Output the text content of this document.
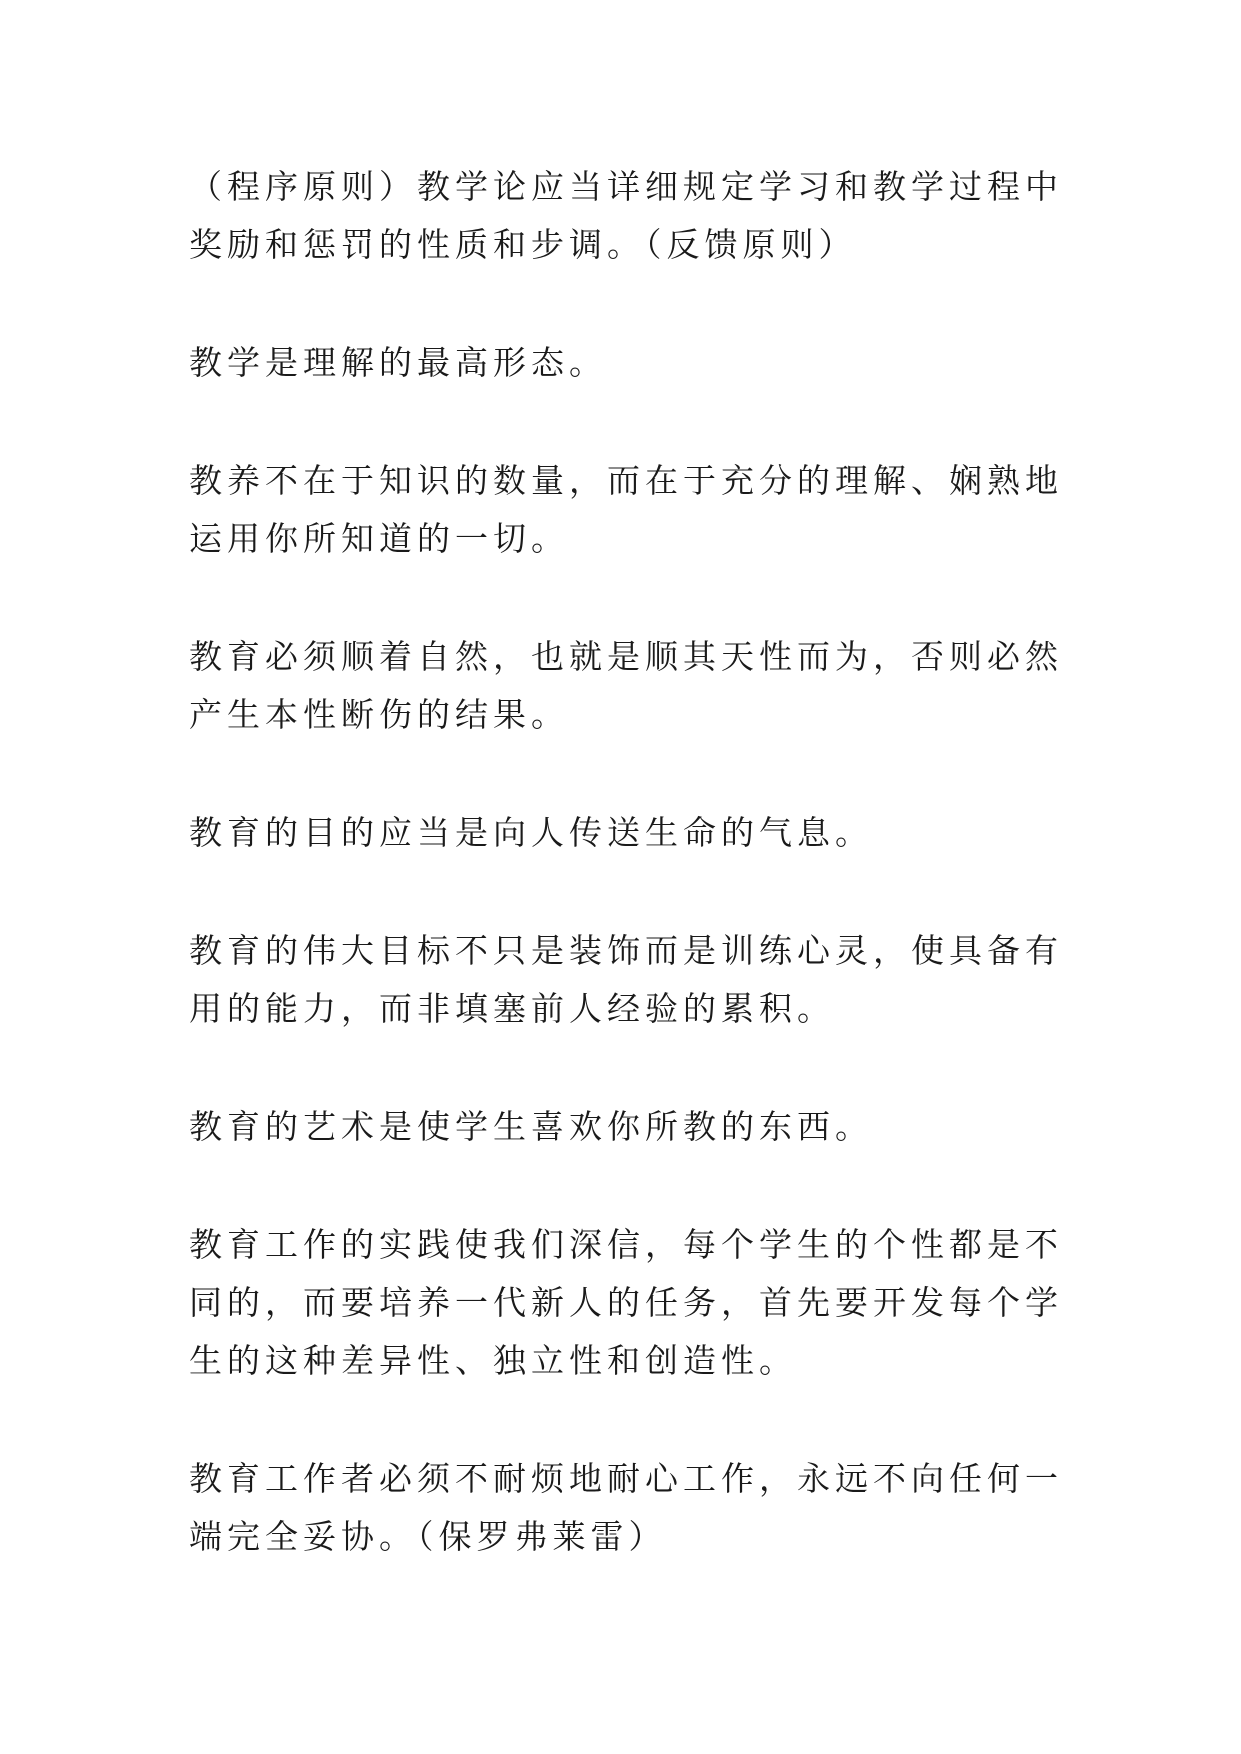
（程序原则）教学论应当详细规定学习和教学过程中奖励和惩罚的性质和步调。（反馈原则）

教学是理解的最高形态。

教养不在于知识的数量，而在于充分的理解、娴熟地运用你所知道的一切。

教育必须顺着自然，也就是顺其天性而为，否则必然产生本性断伤的结果。

教育的目的应当是向人传送生命的气息。

教育的伟大目标不只是装饰而是训练心灵，使具备有用的能力，而非填塞前人经验的累积。

教育的艺术是使学生喜欢你所教的东西。

教育工作的实践使我们深信，每个学生的个性都是不同的，而要培养一代新人的任务，首先要开发每个学生的这种差异性、独立性和创造性。

教育工作者必须不耐烦地耐心工作，永远不向任何一端完全妥协。（保罗弗莱雷）
